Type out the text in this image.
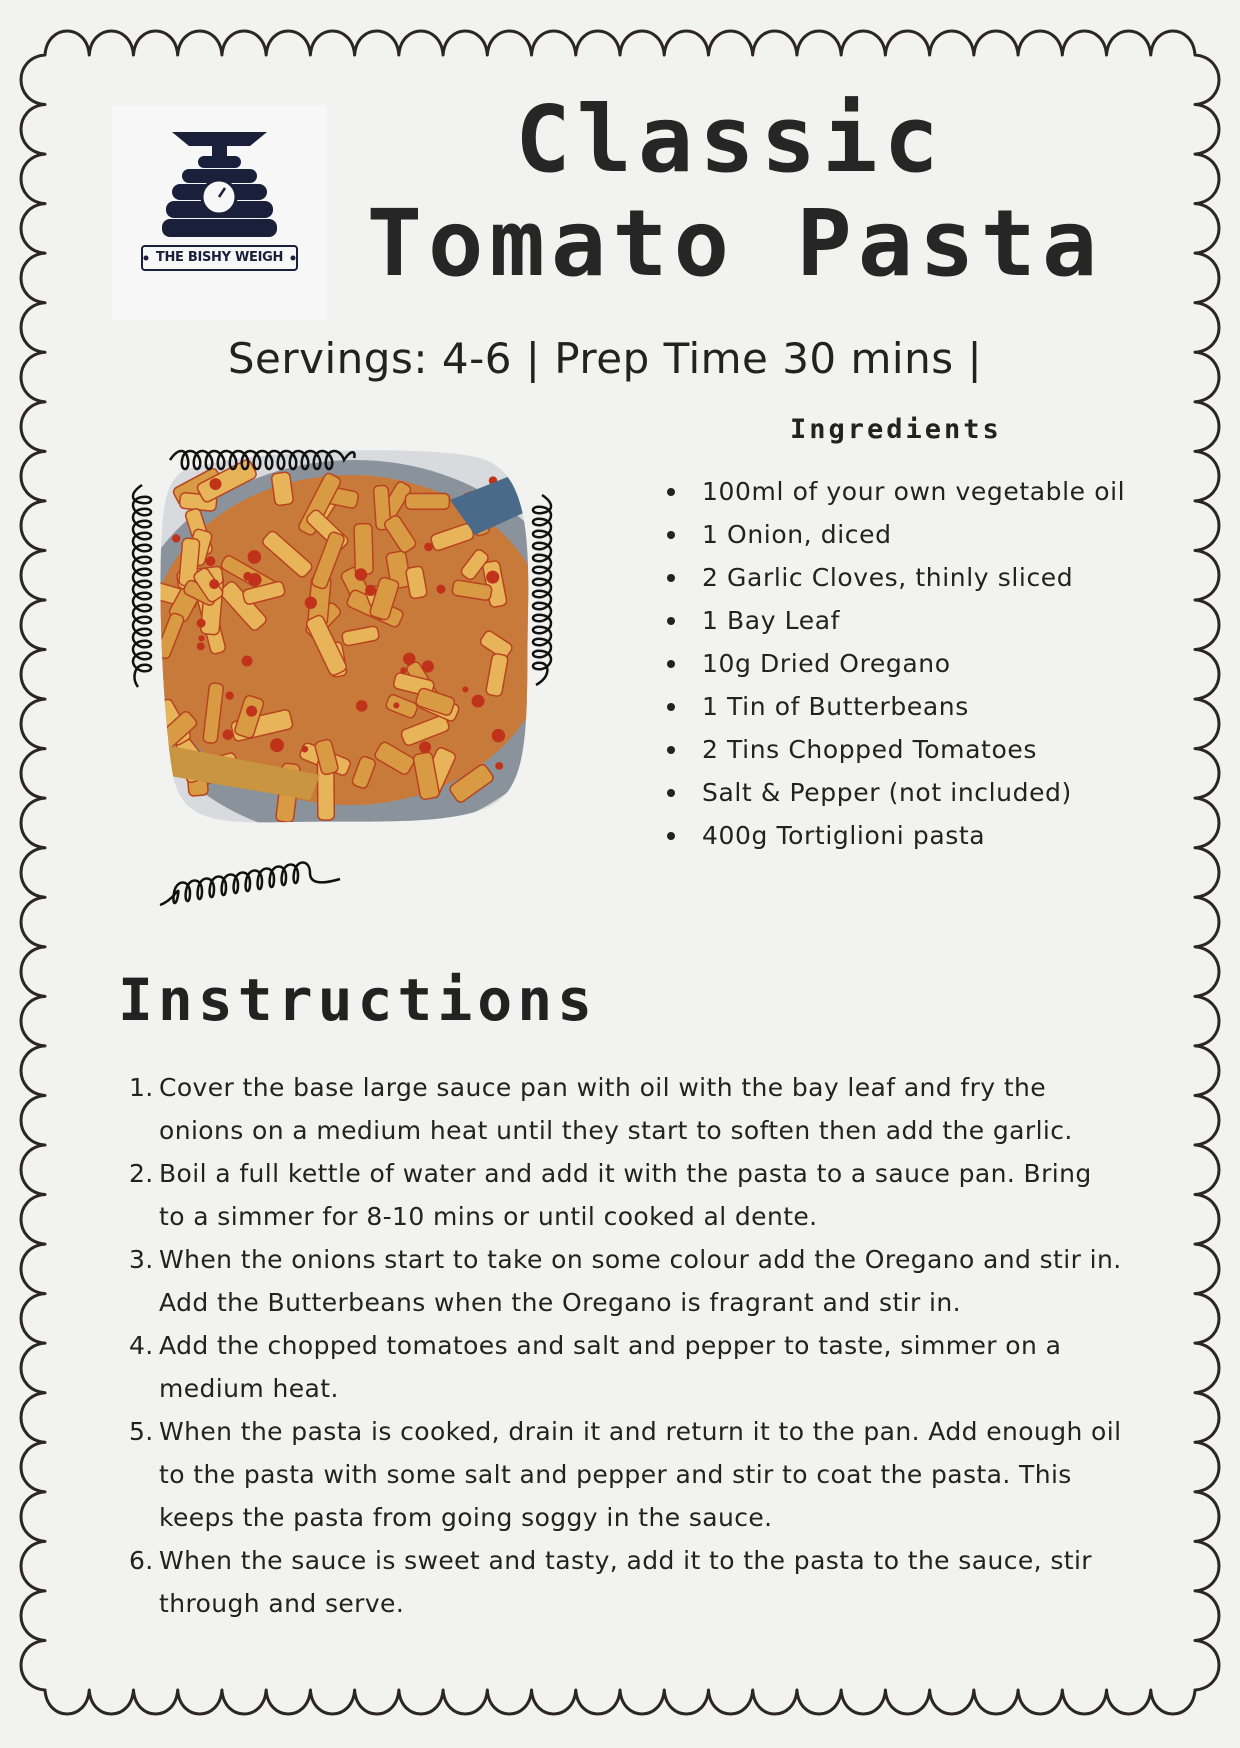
THE BISHY WEIGH
Classic
Tomato Pasta
Servings: 4-6 | Prep Time 30 mins |
Ingredients
100ml of your own vegetable oil
1 Onion, diced
2 Garlic Cloves, thinly sliced
1 Bay Leaf
10g Dried Oregano
1 Tin of Butterbeans
2 Tins Chopped Tomatoes
Salt & Pepper (not included)
400g Tortiglioni pasta
Instructions
1. Cover the base large sauce pan with oil with the bay leaf and fry the onions on a medium heat until they start to soften then add the garlic.
2. Boil a full kettle of water and add it with the pasta to a sauce pan. Bring to a simmer for 8-10 mins or until cooked al dente.
3. When the onions start to take on some colour add the Oregano and stir in. Add the Butterbeans when the Oregano is fragrant and stir in.
4. Add the chopped tomatoes and salt and pepper to taste, simmer on a medium heat.
5. When the pasta is cooked, drain it and return it to the pan. Add enough oil to the pasta with some salt and pepper and stir to coat the pasta. This keeps the pasta from going soggy in the sauce.
6. When the sauce is sweet and tasty, add it to the pasta to the sauce, stir through and serve.
